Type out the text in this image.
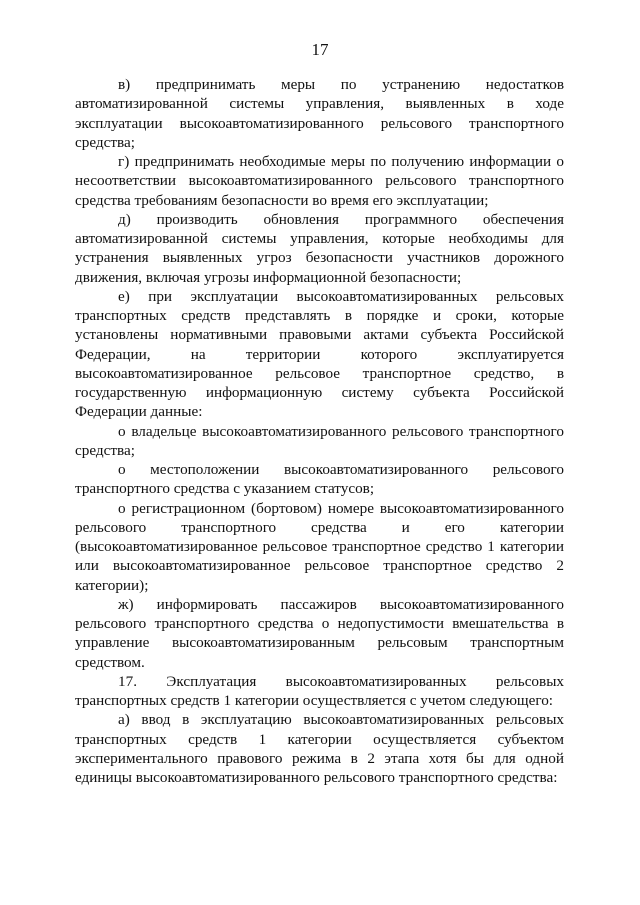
17

в) предпринимать меры по устранению недостатков автоматизированной системы управления, выявленных в ходе эксплуатации высокоавтоматизированного рельсового транспортного средства;

г) предпринимать необходимые меры по получению информации о несоответствии высокоавтоматизированного рельсового транспортного средства требованиям безопасности во время его эксплуатации;

д) производить обновления программного обеспечения автоматизированной системы управления, которые необходимы для устранения выявленных угроз безопасности участников дорожного движения, включая угрозы информационной безопасности;

е) при эксплуатации высокоавтоматизированных рельсовых транспортных средств представлять в порядке и сроки, которые установлены нормативными правовыми актами субъекта Российской Федерации, на территории которого эксплуатируется высокоавтоматизированное рельсовое транспортное средство, в государственную информационную систему субъекта Российской Федерации данные:

о владельце высокоавтоматизированного рельсового транспортного средства;

о местоположении высокоавтоматизированного рельсового транспортного средства с указанием статусов;

о регистрационном (бортовом) номере высокоавтоматизированного рельсового транспортного средства и его категории (высокоавтоматизированное рельсовое транспортное средство 1 категории или высокоавтоматизированное рельсовое транспортное средство 2 категории);

ж) информировать пассажиров высокоавтоматизированного рельсового транспортного средства о недопустимости вмешательства в управление высокоавтоматизированным рельсовым транспортным средством.

17. Эксплуатация высокоавтоматизированных рельсовых транспортных средств 1 категории осуществляется с учетом следующего:

а) ввод в эксплуатацию высокоавтоматизированных рельсовых транспортных средств 1 категории осуществляется субъектом экспериментального правового режима в 2 этапа хотя бы для одной единицы высокоавтоматизированного рельсового транспортного средства:
